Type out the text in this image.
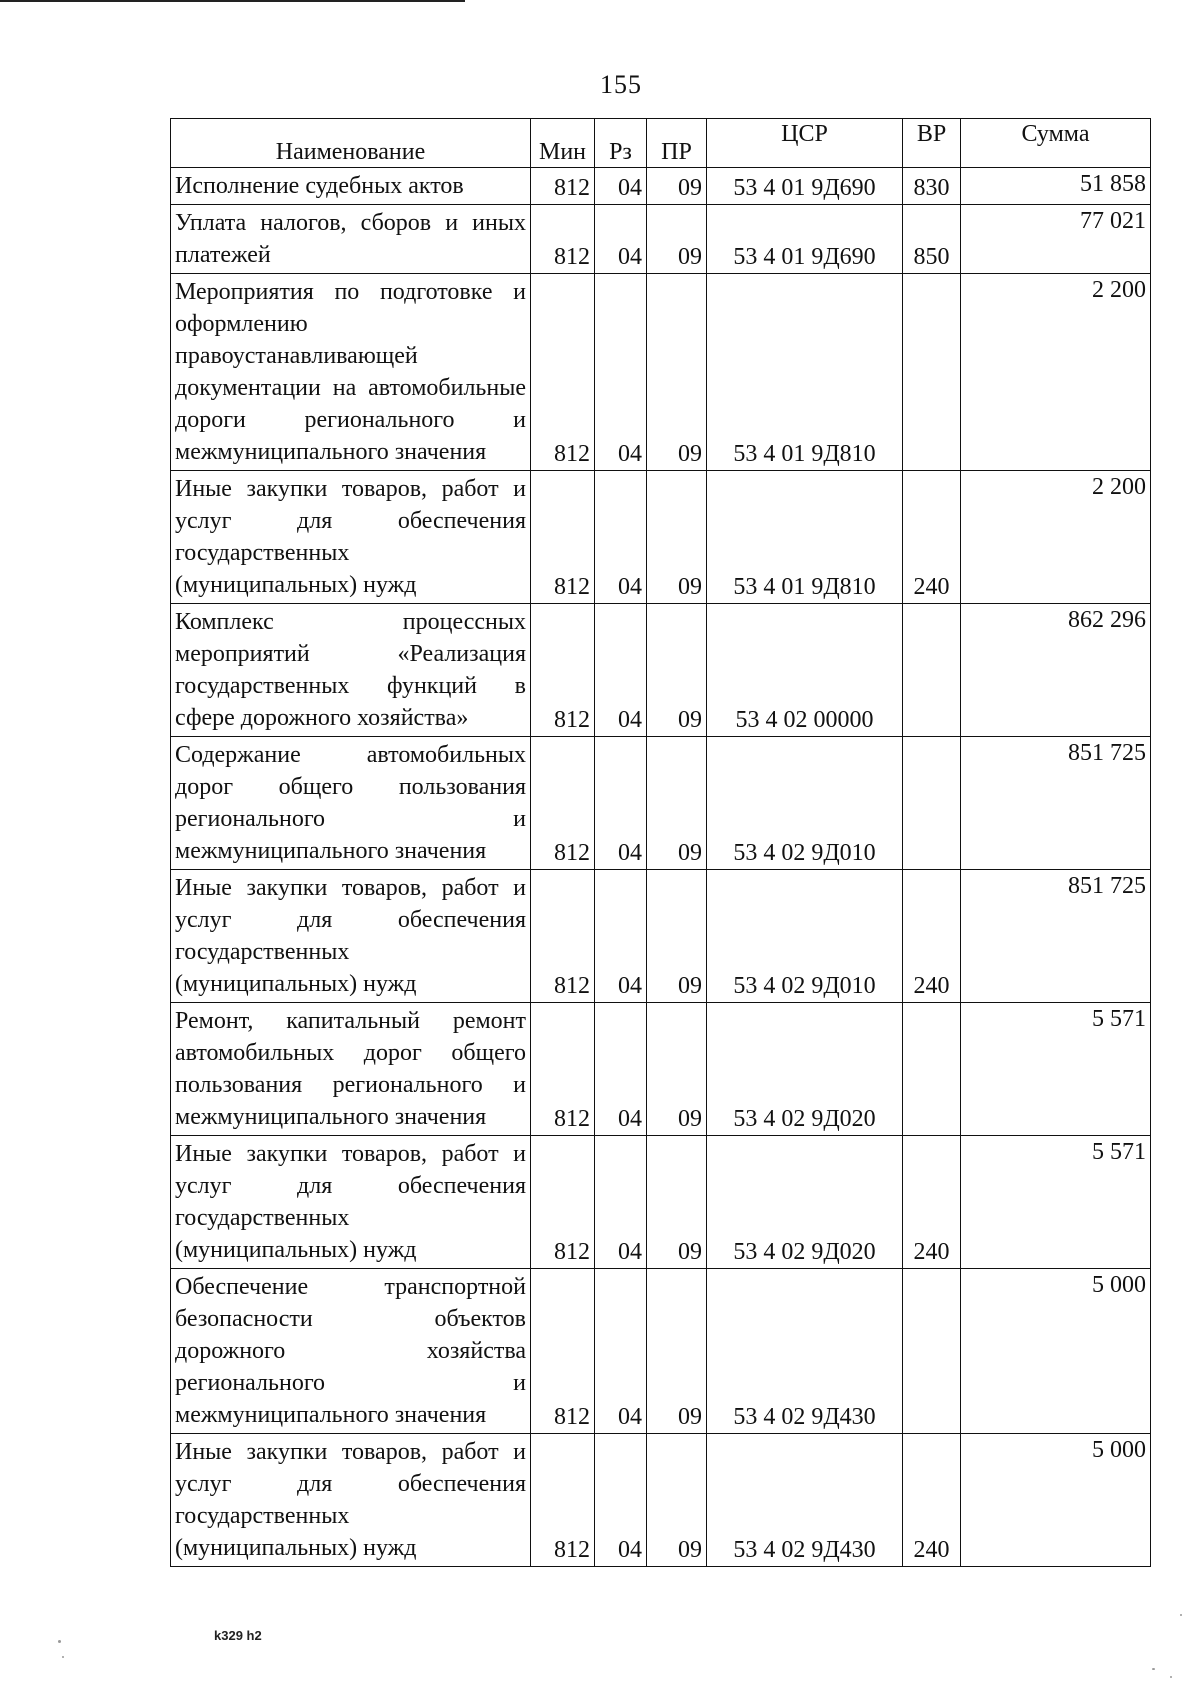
155
Наименование	Мин	Рз	ПР	ЦСР	ВР	Сумма
Исполнение судебных актов	812	04	09	53 4 01 9Д690	830	51 858
Уплата налогов, сборов и иных платежей	812	04	09	53 4 01 9Д690	850	77 021
Мероприятия по подготовке и оформлению правоустанавливающей документации на автомобильные дороги регионального и межмуниципального значения	812	04	09	53 4 01 9Д810		2 200
Иные закупки товаров, работ и услуг для обеспечения государственных (муниципальных) нужд	812	04	09	53 4 01 9Д810	240	2 200
Комплекс процессных мероприятий «Реализация государственных функций в сфере дорожного хозяйства»	812	04	09	53 4 02 00000		862 296
Содержание автомобильных дорог общего пользования регионального и межмуниципального значения	812	04	09	53 4 02 9Д010		851 725
Иные закупки товаров, работ и услуг для обеспечения государственных (муниципальных) нужд	812	04	09	53 4 02 9Д010	240	851 725
Ремонт, капитальный ремонт автомобильных дорог общего пользования регионального и межмуниципального значения	812	04	09	53 4 02 9Д020		5 571
Иные закупки товаров, работ и услуг для обеспечения государственных (муниципальных) нужд	812	04	09	53 4 02 9Д020	240	5 571
Обеспечение транспортной безопасности объектов дорожного хозяйства регионального и межмуниципального значения	812	04	09	53 4 02 9Д430		5 000
Иные закупки товаров, работ и услуг для обеспечения государственных (муниципальных) нужд	812	04	09	53 4 02 9Д430	240	5 000
k329 h2
